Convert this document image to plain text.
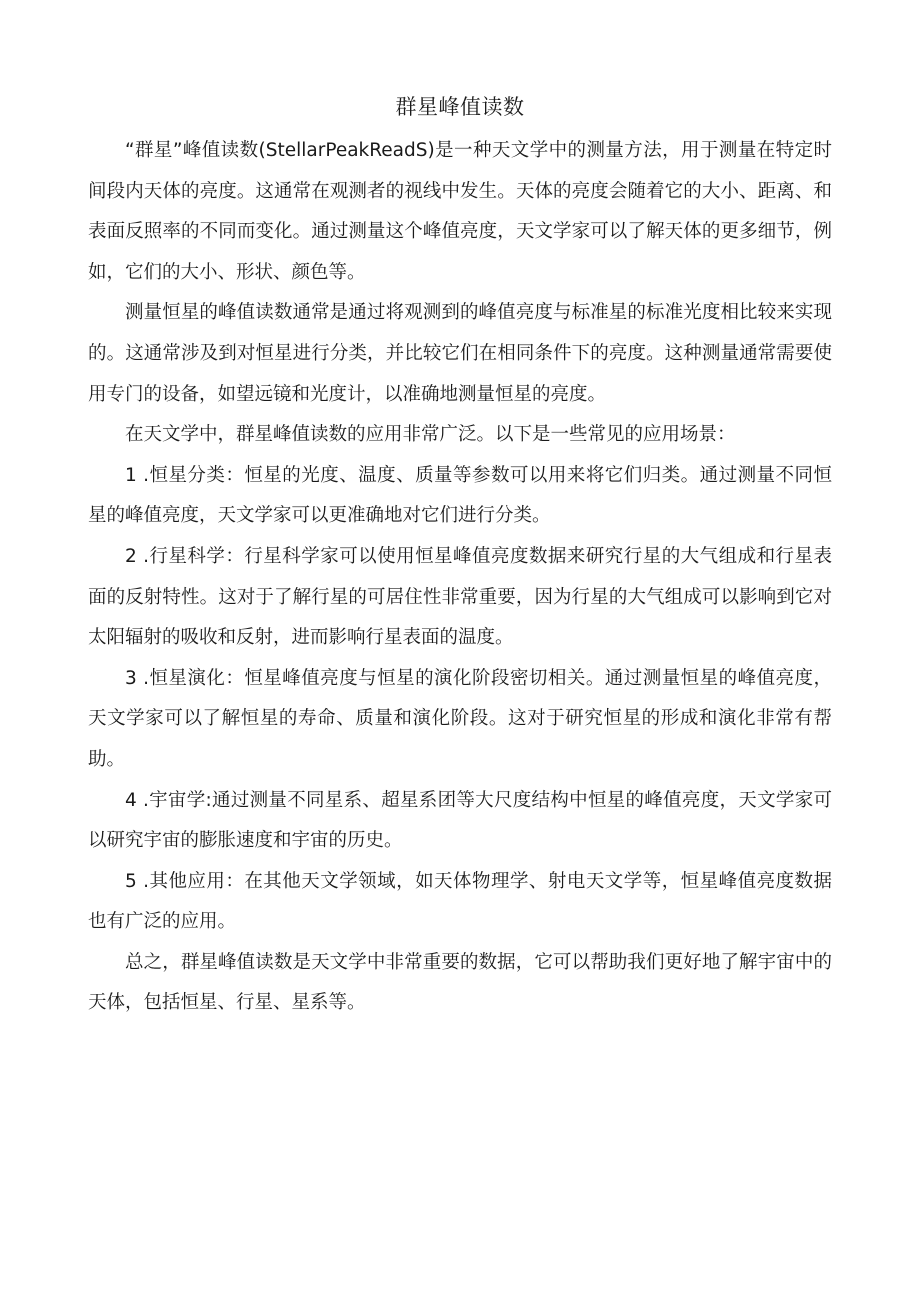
群星峰值读数

“群星”峰值读数(StellarPeakReadS)是一种天文学中的测量方法，用于测量在特定时间段内天体的亮度。这通常在观测者的视线中发生。天体的亮度会随着它的大小、距离、和表面反照率的不同而变化。通过测量这个峰值亮度，天文学家可以了解天体的更多细节，例如，它们的大小、形状、颜色等。

测量恒星的峰值读数通常是通过将观测到的峰值亮度与标准星的标准光度相比较来实现的。这通常涉及到对恒星进行分类，并比较它们在相同条件下的亮度。这种测量通常需要使用专门的设备，如望远镜和光度计，以准确地测量恒星的亮度。

在天文学中，群星峰值读数的应用非常广泛。以下是一些常见的应用场景：

1 .恒星分类：恒星的光度、温度、质量等参数可以用来将它们归类。通过测量不同恒星的峰值亮度，天文学家可以更准确地对它们进行分类。

2 .行星科学：行星科学家可以使用恒星峰值亮度数据来研究行星的大气组成和行星表面的反射特性。这对于了解行星的可居住性非常重要，因为行星的大气组成可以影响到它对太阳辐射的吸收和反射，进而影响行星表面的温度。

3 .恒星演化：恒星峰值亮度与恒星的演化阶段密切相关。通过测量恒星的峰值亮度，天文学家可以了解恒星的寿命、质量和演化阶段。这对于研究恒星的形成和演化非常有帮助。

4 .宇宙学:通过测量不同星系、超星系团等大尺度结构中恒星的峰值亮度，天文学家可以研究宇宙的膨胀速度和宇宙的历史。

5 .其他应用：在其他天文学领域，如天体物理学、射电天文学等，恒星峰值亮度数据也有广泛的应用。

总之，群星峰值读数是天文学中非常重要的数据，它可以帮助我们更好地了解宇宙中的天体，包括恒星、行星、星系等。
